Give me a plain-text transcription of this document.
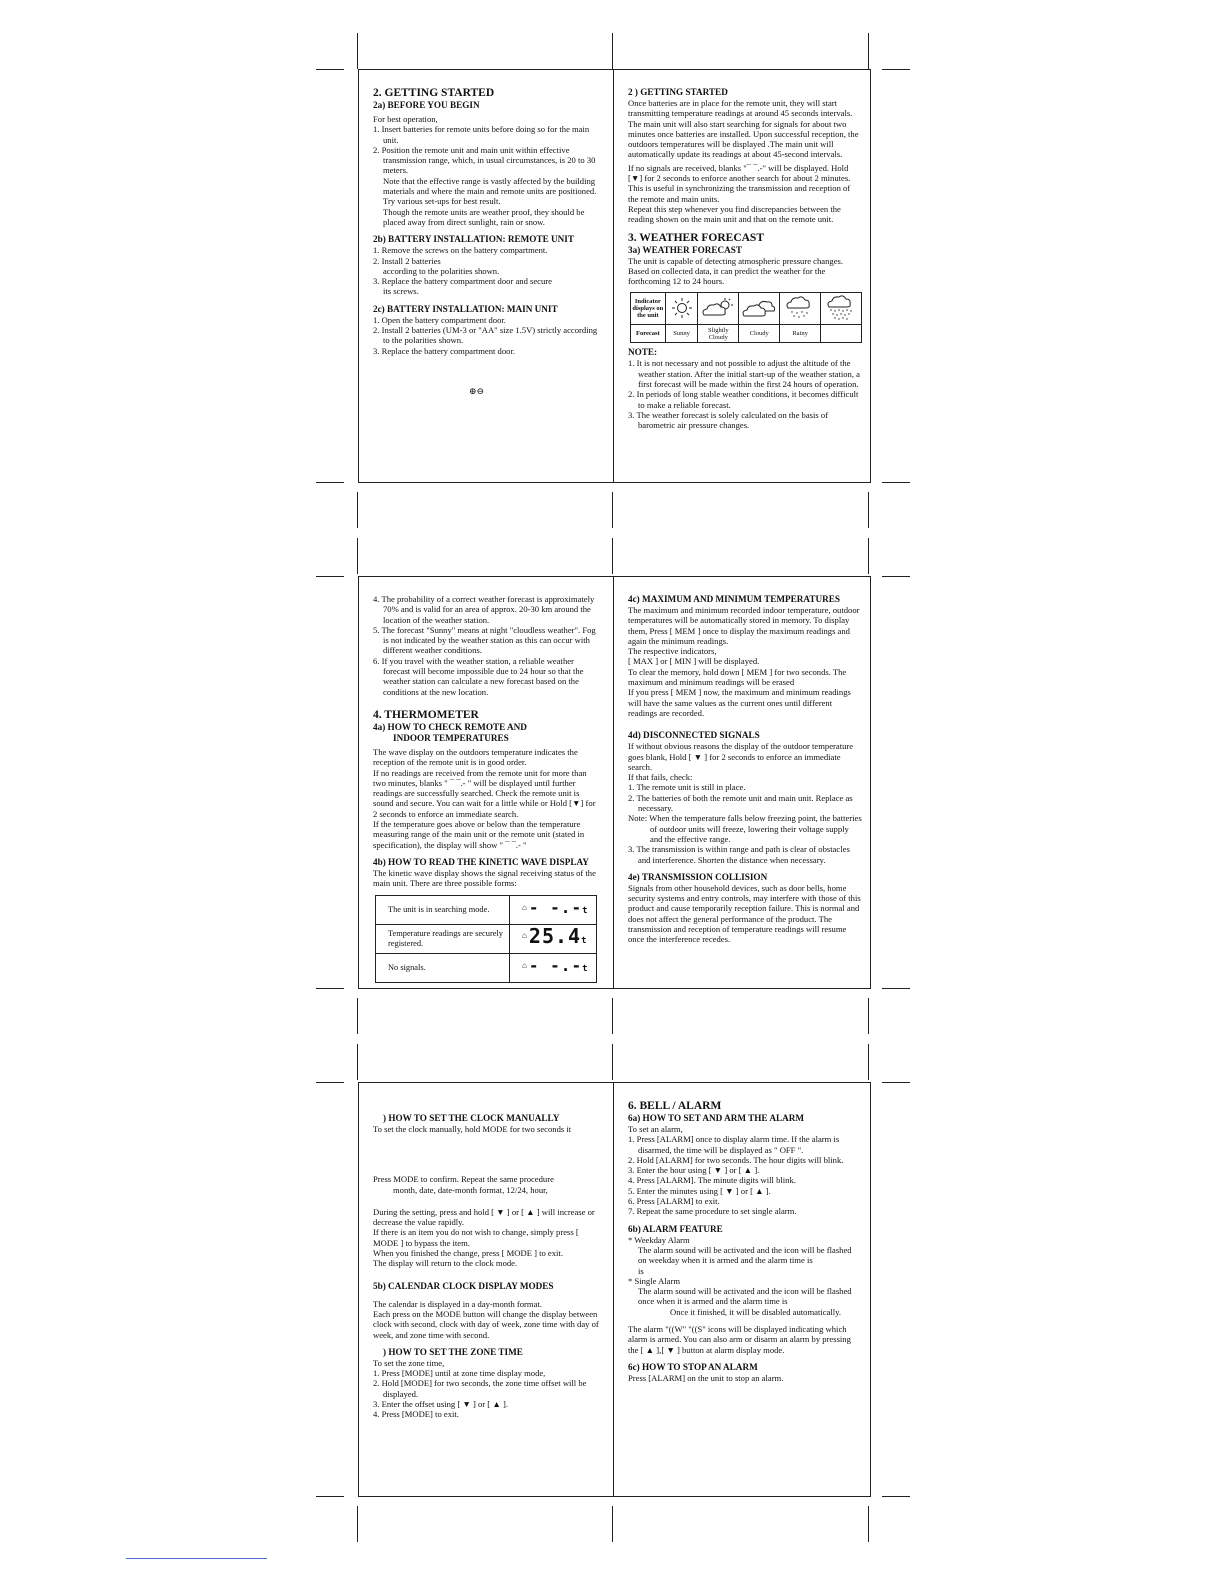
2. GETTING STARTED
2a) BEFORE YOU BEGIN
For best operation,
1. Insert batteries for remote units before doing so for the main unit.
2. Position the remote unit and main unit within effective transmission range, which, in usual circumstances, is 20 to 30 meters.
Note that the effective range is vastly affected by the building materials and where the main and remote units are positioned.
Try various set-ups for best result.
Though the remote units are weather proof, they should be placed away from direct sunlight, rain or snow.
2b) BATTERY INSTALLATION: REMOTE UNIT
1. Remove the screws on the battery compartment.
2. Install 2 batteries
according to the polarities shown.
3. Replace the battery compartment door and secure
its screws.
2c) BATTERY INSTALLATION: MAIN UNIT
1. Open the battery compartment door.
2. Install 2 batteries (UM-3 or "AA" size 1.5V) strictly according to the polarities shown.
3. Replace the battery compartment door.
⊕⊖
2 ) GETTING STARTED
Once batteries are in place for the remote unit, they will start transmitting temperature readings at around 45 seconds intervals. The main unit will also start searching for signals for about two minutes once batteries are installed. Upon successful reception, the outdoors temperatures will be displayed .The main unit will automatically update its readings at about 45-second intervals.
If no signals are received, blanks "¯ ¯.-" will be displayed. Hold [▼] for 2 seconds to enforce another search for about 2 minutes. This is useful in synchronizing the transmission and reception of the remote and main units.
Repeat this step whenever you find discrepancies between the reading shown on the main unit and that on the remote unit.
3. WEATHER FORECAST
3a) WEATHER FORECAST
The unit is capable of detecting atmospheric pressure changes. Based on collected data, it can predict the weather for the forthcoming 12 to 24 hours.
Indicator displays on the unit					
Forecast	Sunny	Slightly Cloudy	Cloudy	Rainy	
NOTE:
1. It is not necessary and not possible to adjust the altitude of the weather station. After the initial start-up of the weather station, a first forecast will be made within the first 24 hours of operation.
2. In periods of long stable weather conditions, it becomes difficult to make a reliable forecast.
3. The weather forecast is solely calculated on the basis of barometric air pressure changes.
4. The probability of a correct weather forecast is approximately 70% and is valid for an area of approx. 20-30 km around the location of the weather station.
5. The forecast "Sunny" means at night "cloudless weather". Fog is not indicated by the weather station as this can occur with different weather conditions.
6. If you travel with the weather station, a reliable weather forecast will become impossible due to 24 hour so that the weather station can calculate a new forecast based on the conditions at the new location.
4. THERMOMETER
4a) HOW TO CHECK REMOTE AND
INDOOR TEMPERATURES
The wave display on the outdoors temperature indicates the reception of the remote unit is in good order.
If no readings are received from the remote unit for more than two minutes, blanks " ¯ ¯.- " will be displayed until further readings are successfully searched. Check the remote unit is sound and secure. You can wait for a little while or Hold [▼] for 2 seconds to enforce an immediate search.
If the temperature goes above or below than the temperature measuring range of the main unit or the remote unit (stated in specification), the display will show " ¯ ¯.- "
4b) HOW TO READ THE KINETIC WAVE DISPLAY
The kinetic wave display shows the signal receiving status of the main unit. There are three possible forms:
The unit is in searching mode.	⌂ - -.-t
Temperature readings are securely registered.	⌂ 25.4t
No signals.	⌂ - -.-t
4c) MAXIMUM AND MINIMUM TEMPERATURES
The maximum and minimum recorded indoor temperature, outdoor temperatures will be automatically stored in memory. To display them, Press [ MEM ] once to display the maximum readings and again the minimum readings.
The respective indicators,
[ MAX ] or [ MIN ] will be displayed.
To clear the memory, hold down [ MEM ] for two seconds. The maximum and minimum readings will be erased
If you press [ MEM ] now, the maximum and minimum readings will have the same values as the current ones until different readings are recorded.
4d) DISCONNECTED SIGNALS
If without obvious reasons the display of the outdoor temperature goes blank, Hold [ ▼ ] for 2 seconds to enforce an immediate search.
If that fails, check:
1. The remote unit is still in place.
2. The batteries of both the remote unit and main unit. Replace as necessary.
Note: When the temperature falls below freezing point, the batteries of outdoor units will freeze, lowering their voltage supply and the effective range.
3. The transmission is within range and path is clear of obstacles and interference. Shorten the distance when necessary.
4e) TRANSMISSION COLLISION
Signals from other household devices, such as door bells, home security systems and entry controls, may interfere with those of this product and cause temporarily reception failure. This is normal and does not affect the general performance of the product. The transmission and reception of temperature readings will resume once the interference recedes.
) HOW TO SET THE CLOCK MANUALLY
To set the clock manually, hold MODE for two seconds it
Press MODE to confirm. Repeat the same procedure
month, date, date-month format, 12/24, hour,
During the setting, press and hold [ ▼ ] or [ ▲ ] will increase or decrease the value rapidly.
If there is an item you do not wish to change, simply press [ MODE ] to bypass the item.
When you finished the change, press [ MODE ] to exit.
The display will return to the clock mode.
5b) CALENDAR CLOCK DISPLAY MODES
The calendar is displayed in a day-month format.
Each press on the MODE button will change the display between clock with second, clock with day of week, zone time with day of week, and zone time with second.
) HOW TO SET THE ZONE TIME
To set the zone time,
1. Press [MODE] until at zone time display mode,
2. Hold [MODE] for two seconds, the zone time offset will be displayed.
3. Enter the offset using [ ▼ ] or [ ▲ ].
4. Press [MODE] to exit.
6. BELL / ALARM
6a) HOW TO SET AND ARM THE ALARM
To set an alarm,
1. Press [ALARM] once to display alarm time. If the alarm is disarmed, the time will be displayed as " OFF ".
2. Hold [ALARM] for two seconds. The hour digits will blink.
3. Enter the hour using [ ▼ ] or [ ▲ ].
4. Press [ALARM]. The minute digits will blink.
5. Enter the minutes using [ ▼ ] or [ ▲ ].
6. Press [ALARM] to exit.
7. Repeat the same procedure to set single alarm.
6b) ALARM FEATURE
* Weekday Alarm
The alarm sound will be activated and the icon will be flashed on weekday when it is armed and the alarm time is
is
* Single Alarm
The alarm sound will be activated and the icon will be flashed once when it is armed and the alarm time is
Once it finished, it will be disabled automatically.
The alarm "((W" "((S" icons will be displayed indicating which alarm is armed. You can also arm or disarm an alarm by pressing the [ ▲ ],[ ▼ ] button at alarm display mode.
6c) HOW TO STOP AN ALARM
Press [ALARM] on the unit to stop an alarm.
